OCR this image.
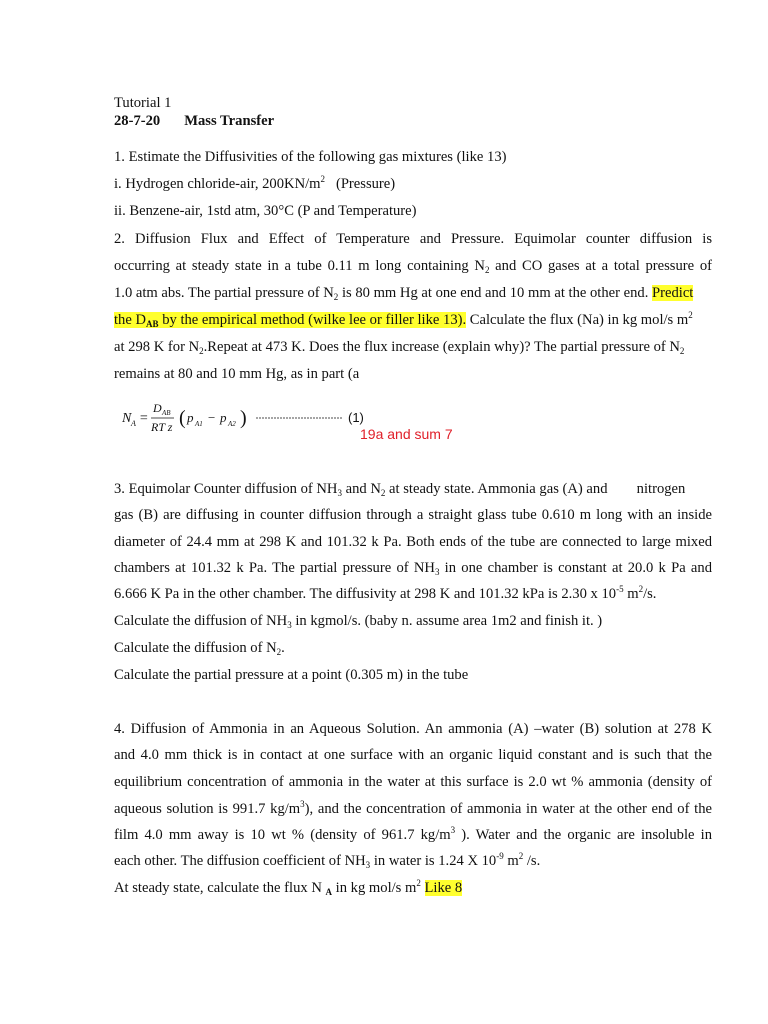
Tutorial 1
28-7-20 Mass Transfer
1. Estimate the Diffusivities of the following gas mixtures (like 13)
i. Hydrogen chloride-air, $200KN/m^2$   (Pressure)
ii. Benzene-air, 1std atm, 30°C (P and Temperature)
2. Diffusion Flux and Effect of Temperature and Pressure. Equimolar counter diffusion is
occurring at steady state in a tube 0.11 m long containing $N_2$ and CO gases at a total pressure of
1.0 atm abs. The partial pressure of $N_2$ is 80 mm Hg at one end and 10 mm at the other end. Predict
the $D_{AB}$ by the empirical method (wilke lee or filler like 13). Calculate the flux (Na) in kg mol/s $m^2$
at 298 K for $N_2.Repeat$ at 473 K. Does the flux increase (explain why)? The partial pressure of $N_2$
remains at 80 and 10 mm Hg, as in part (a
N A =
D AB
RT z ( p A1 − p A2 )	(1)
19a and sum 7
3. Equimolar Counter diffusion of $NH_3$ and $N_2$ at steady state. Ammonia gas (A) and        nitrogen
gas (B) are diffusing in counter diffusion through a straight glass tube 0.610 m long with an inside
diameter of 24.4 mm at 298 K and 101.32 k Pa. Both ends of the tube are connected to large mixed
chambers at 101.32 k Pa. The partial pressure of $NH_3$ in one chamber is constant at 20.0 k Pa and
6.666 K Pa in the other chamber. The diffusivity at 298 K and 101.32 kPa is 2.30 x $10^{-5}$ $m^2/s$.
Calculate the diffusion of $NH_3$ in kgmol/s. (baby n. assume area 1m2 and finish it. )
Calculate the diffusion of $N_2$.
Calculate the partial pressure at a point (0.305 m) in the tube
4. Diffusion of Ammonia in an Aqueous Solution. An ammonia (A) –water (B) solution at 278 K
and 4.0 mm thick is in contact at one surface with an organic liquid constant and is such that the
equilibrium concentration of ammonia in the water at this surface is 2.0 wt % ammonia (density of
aqueous solution is 991.7 $kg/m^3$), and the concentration of ammonia in water at the other end of the
film 4.0 mm away is 10 wt % (density of 961.7 $kg/m^3$ ). Water and the organic are insoluble in
each other. The diffusion coefficient of $NH_3$ in water is 1.24 X $10^{-9}$ $m^2$ /s.
At steady state, calculate the flux N $_A$ in kg mol/s $m^2$ Like 8
